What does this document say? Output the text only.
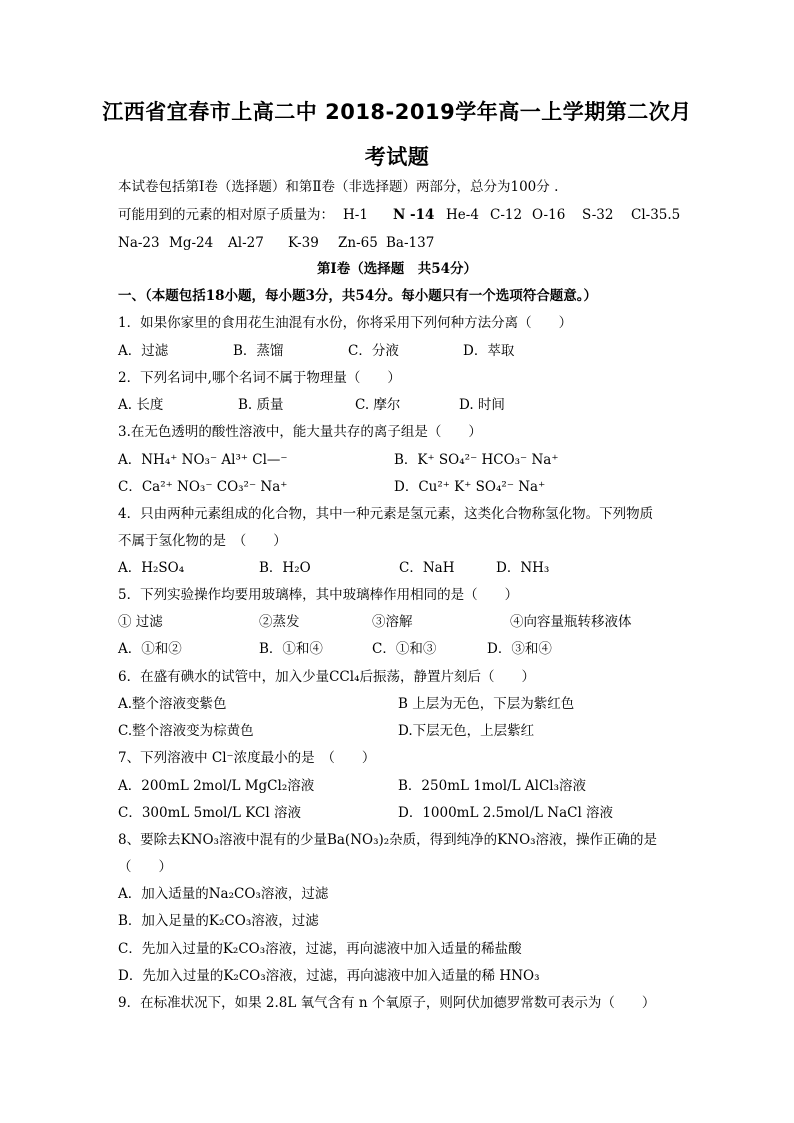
江西省宜春市上高二中 2018-2019学年高一上学期第二次月
考试题
本试卷包括第Ⅰ卷（选择题）和第Ⅱ卷（非选择题）两部分，总分为100分 .
可能用到的元素的相对原子质量为： H-1 N -14 He-4 C-12 O-16 S-32 Cl-35.5
Na-23 Mg-24 Al-27 K-39 Zn-65 Ba-137
第Ⅰ卷（选择题　共54分）
一、（本题包括18小题，每小题3分，共54分。每小题只有一个选项符合题意。）
1．如果你家里的食用花生油混有水份，你将采用下列何种方法分离（　　）
A．过滤	B．蒸馏	C．分液	D．萃取
2．下列名词中,哪个名词不属于物理量（　　）
A. 长度	B. 质量	C. 摩尔	D. 时间
3.在无色透明的酸性溶液中，能大量共存的离子组是（　　）
A．NH₄⁺ NO₃⁻ Al³⁺ Cl—⁻	B．K⁺ SO₄²⁻ HCO₃⁻ Na⁺
C．Ca²⁺ NO₃⁻ CO₃²⁻ Na⁺	D．Cu²⁺ K⁺ SO₄²⁻ Na⁺
4．只由两种元素组成的化合物，其中一种元素是氢元素，这类化合物称氢化物。下列物质
不属于氢化物的是　（　　）
A．H₂SO₄	B．H₂O	C．NaH	D．NH₃
5．下列实验操作均要用玻璃棒，其中玻璃棒作用相同的是（　　）
① 过滤	②蒸发	③溶解	④向容量瓶转移液体
A．①和②	B．①和④	C．①和③	D．③和④
6．在盛有碘水的试管中，加入少量CCl₄后振荡，静置片刻后（　　）
A.整个溶液变紫色	B 上层为无色，下层为紫红色
C.整个溶液变为棕黄色	D.下层无色，上层紫红
7、下列溶液中 Cl⁻浓度最小的是　（　　）
A．200mL 2mol/L MgCl₂溶液	B．250mL 1mol/L AlCl₃溶液
C．300mL 5mol/L KCl 溶液	D．1000mL 2.5mol/L NaCl 溶液
8、要除去KNO₃溶液中混有的少量Ba(NO₃)₂杂质，得到纯净的KNO₃溶液，操作正确的是
（　　）
A．加入适量的Na₂CO₃溶液，过滤
B．加入足量的K₂CO₃溶液，过滤
C．先加入过量的K₂CO₃溶液，过滤，再向滤液中加入适量的稀盐酸
D．先加入过量的K₂CO₃溶液，过滤，再向滤液中加入适量的稀 HNO₃
9．在标准状况下，如果 2.8L 氧气含有 n 个氧原子，则阿伏加德罗常数可表示为（　　）
